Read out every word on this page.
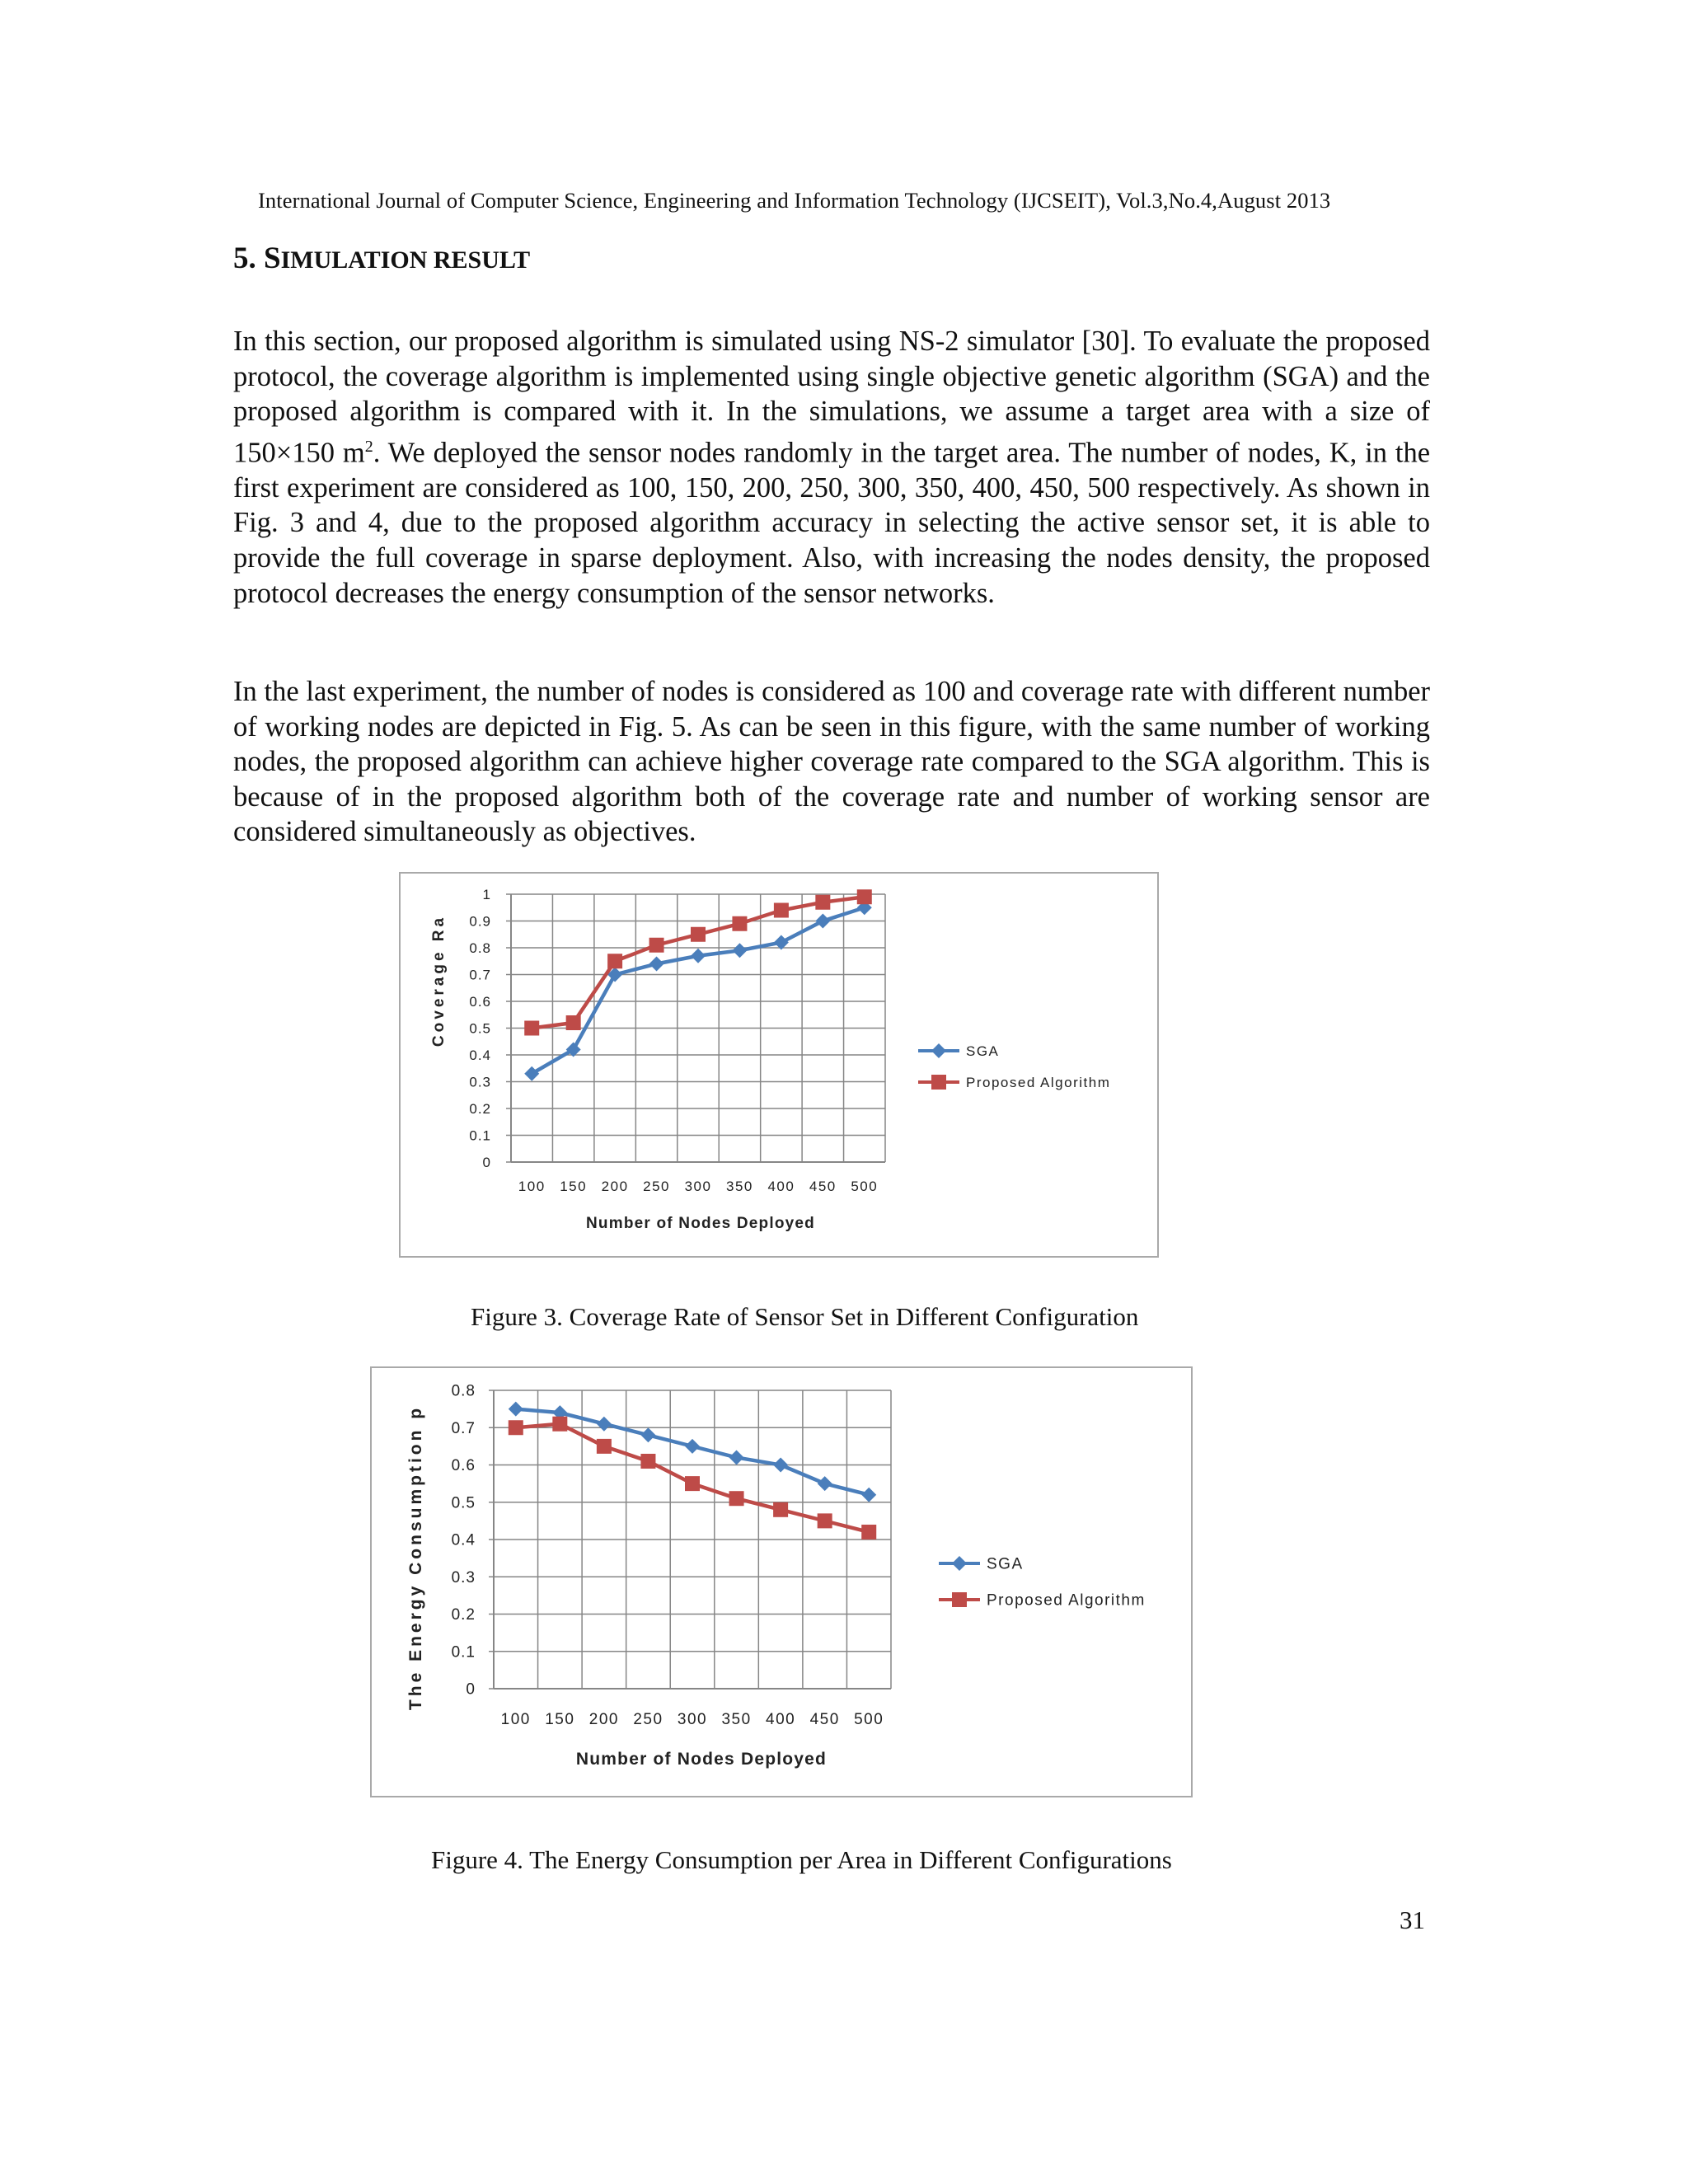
International Journal of Computer Science, Engineering and Information Technology (IJCSEIT), Vol.3,No.4,August 2013
5. SIMULATION RESULT

In this section, our proposed algorithm is simulated using NS-2 simulator [30]. To evaluate the proposed protocol, the coverage algorithm is implemented using single objective genetic algorithm (SGA) and the proposed algorithm is compared with it. In the simulations, we assume a target area with a size of 150×150 $m^2$. We deployed the sensor nodes randomly in the target area. The number of nodes, K, in the first experiment are considered as 100, 150, 200, 250, 300, 350, 400, 450, 500 respectively. As shown in Fig. 3 and 4, due to the proposed algorithm accuracy in selecting the active sensor set, it is able to provide the full coverage in sparse deployment. Also, with increasing the nodes density, the proposed protocol decreases the energy consumption of the sensor networks.

In the last experiment, the number of nodes is considered as 100 and coverage rate with different number of working nodes are depicted in Fig. 5. As can be seen in this figure, with the same number of working nodes, the proposed algorithm can achieve higher coverage rate compared to the SGA algorithm. This is because of in the proposed algorithm both of the coverage rate and number of working sensor are considered simultaneously as objectives.

0
0.1
0.2
0.3
0.4
0.5
0.6
0.7
0.8
0.9
1
100 150 200 250 300 350 400 450 500
Number of Nodes Deployed
Coverage Ra
SGA
Proposed Algorithm
Figure 3. Coverage Rate of Sensor Set in Different Configuration
0
0.1
0.2
0.3
0.4
0.5
0.6
0.7
0.8
100 150 200 250 300 350 400 450 500
Number of Nodes Deployed
The Energy Consumption p	SGA
Proposed Algorithm
Figure 4. The Energy Consumption per Area in Different Configurations
31
